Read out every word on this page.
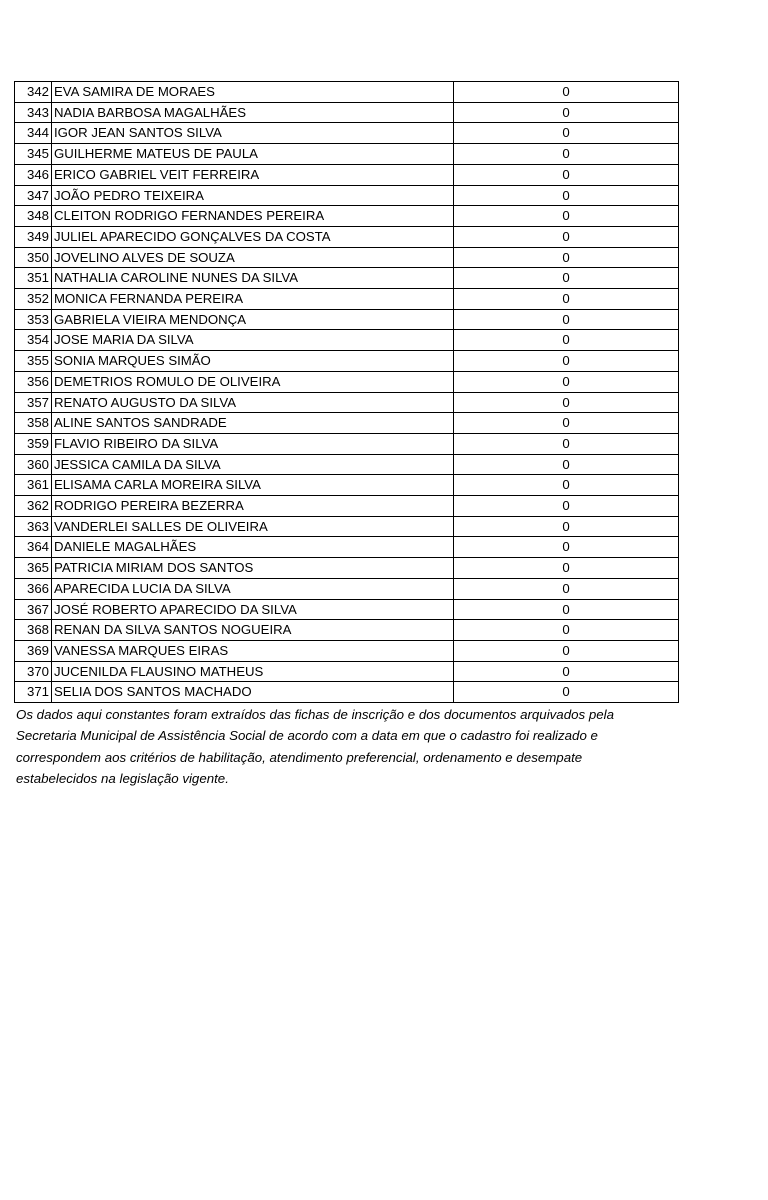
342	EVA SAMIRA DE MORAES	0
343	NADIA BARBOSA MAGALHÃES	0
344	IGOR JEAN SANTOS SILVA	0
345	GUILHERME MATEUS DE PAULA	0
346	ERICO GABRIEL VEIT FERREIRA	0
347	JOÃO PEDRO TEIXEIRA	0
348	CLEITON RODRIGO FERNANDES PEREIRA	0
349	JULIEL APARECIDO GONÇALVES DA COSTA	0
350	JOVELINO ALVES DE SOUZA	0
351	NATHALIA CAROLINE NUNES DA SILVA	0
352	MONICA FERNANDA PEREIRA	0
353	GABRIELA VIEIRA MENDONÇA	0
354	JOSE MARIA DA SILVA	0
355	SONIA MARQUES SIMÃO	0
356	DEMETRIOS ROMULO DE OLIVEIRA	0
357	RENATO AUGUSTO DA SILVA	0
358	ALINE SANTOS SANDRADE	0
359	FLAVIO RIBEIRO DA SILVA	0
360	JESSICA CAMILA DA SILVA	0
361	ELISAMA CARLA MOREIRA SILVA	0
362	RODRIGO PEREIRA BEZERRA	0
363	VANDERLEI SALLES DE OLIVEIRA	0
364	DANIELE MAGALHÃES	0
365	PATRICIA MIRIAM DOS SANTOS	0
366	APARECIDA LUCIA DA SILVA	0
367	JOSÉ ROBERTO APARECIDO DA SILVA	0
368	RENAN DA SILVA SANTOS NOGUEIRA	0
369	VANESSA MARQUES EIRAS	0
370	JUCENILDA FLAUSINO MATHEUS	0
371	SELIA DOS SANTOS MACHADO	0
Os dados aqui constantes foram extraídos das fichas de inscrição e dos documentos arquivados pela
Secretaria Municipal de Assistência Social de acordo com a data em que o cadastro foi realizado e
correspondem aos critérios de habilitação, atendimento preferencial, ordenamento e desempate
estabelecidos na legislação vigente.
